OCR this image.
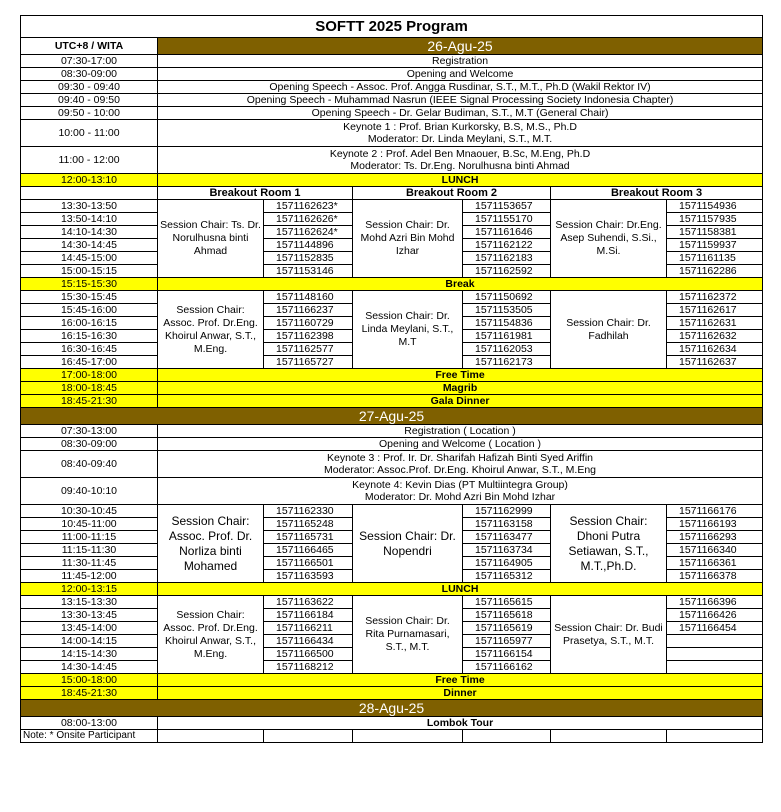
SOFTT 2025 Program						
UTC+8 / WITA	26-Agu-25					
07:30-17:00	Registration					
08:30-09:00	Opening and Welcome					
09:30 - 09:40	Opening Speech - Assoc. Prof. Angga Rusdinar, S.T., M.T., Ph.D (Wakil Rektor IV)					
09:40 - 09:50	Opening Speech - Muhammad Nasrun (IEEE Signal Processing Society Indonesia Chapter)					
09:50 - 10:00	Opening Speech - Dr. Gelar Budiman, S.T., M.T (General Chair)					
10:00 - 11:00	Keynote 1 : Prof. Brian Kurkorsky, B.S, M.S., Ph.D
Moderator: Dr. Linda Meylani, S.T., M.T.					

11:00 - 12:00	Keynote 2 : Prof. Adel Ben Mnaouer, B.Sc, M.Eng, Ph.D
Moderator: Ts. Dr.Eng. Norulhusna binti Ahmad					

12:00-13:10	LUNCH					
	Breakout Room 1		Breakout Room 2		Breakout Room 3	
13:30-13:50	Session Chair: Ts. Dr. Norulhusna binti Ahmad	1571162623*	Session Chair: Dr. Mohd Azri Bin Mohd Izhar	1571153657	Session Chair: Dr.Eng. Asep Suhendi, S.Si., M.Si.	1571154936
13:50-14:10		1571162626*		1571155170		1571157935
14:10-14:30		1571162624*		1571161646		1571158381
14:30-14:45		1571144896		1571162122		1571159937
14:45-15:00		1571152835		1571162183		1571161135
15:00-15:15		1571153146		1571162592		1571162286
15:15-15:30	Break					
15:30-15:45	Session Chair: Assoc. Prof. Dr.Eng. Khoirul Anwar, S.T., M.Eng.	1571148160	Session Chair: Dr. Linda Meylani, S.T., M.T	1571150692	Session Chair: Dr. Fadhilah	1571162372
15:45-16:00		1571166237		1571153505		1571162617
16:00-16:15		1571160729		1571154836		1571162631
16:15-16:30		1571162398		1571161981		1571162632
16:30-16:45		1571162577		1571162053		1571162634
16:45-17:00		1571165727		1571162173		1571162637
17:00-18:00	Free Time					
18:00-18:45	Magrib					
18:45-21:30	Gala Dinner					
27-Agu-25						
07:30-13:00	Registration ( Location )					
08:30-09:00	Opening and Welcome ( Location )					
08:40-09:40	Keynote 3 : Prof. Ir. Dr. Sharifah Hafizah Binti Syed Ariffin
Moderator: Assoc.Prof. Dr.Eng. Khoirul Anwar, S.T., M.Eng					

09:40-10:10	Keynote 4: Kevin Dias (PT Multiintegra Group)
Moderator: Dr. Mohd Azri Bin Mohd Izhar					

10:30-10:45	Session Chair: Assoc. Prof. Dr. Norliza binti Mohamed	1571162330	Session Chair: Dr. Nopendri	1571162999	Session Chair: Dhoni Putra Setiawan, S.T., M.T.,Ph.D.	1571166176
10:45-11:00		1571165248		1571163158		1571166193
11:00-11:15		1571165731		1571163477		1571166293
11:15-11:30		1571166465		1571163734		1571166340
11:30-11:45		1571166501		1571164905		1571166361
11:45-12:00		1571163593		1571165312		1571166378
12:00-13:15	LUNCH					
13:15-13:30	Session Chair: Assoc. Prof. Dr.Eng. Khoirul Anwar, S.T., M.Eng.	1571163622	Session Chair: Dr. Rita Purnamasari, S.T., M.T.	1571165615	Session Chair: Dr. Budi Prasetya, S.T., M.T.	1571166396
13:30-13:45		1571166184		1571165618		1571166426
13:45-14:00		1571166211		1571165619		1571166454
14:00-14:15		1571166434		1571165977		
14:15-14:30		1571166500		1571166154		
14:30-14:45		1571168212		1571166162		
15:00-18:00	Free Time					
18:45-21:30	Dinner					
28-Agu-25						
08:00-13:00	Lombok Tour					
Note: * Onsite Participant						
